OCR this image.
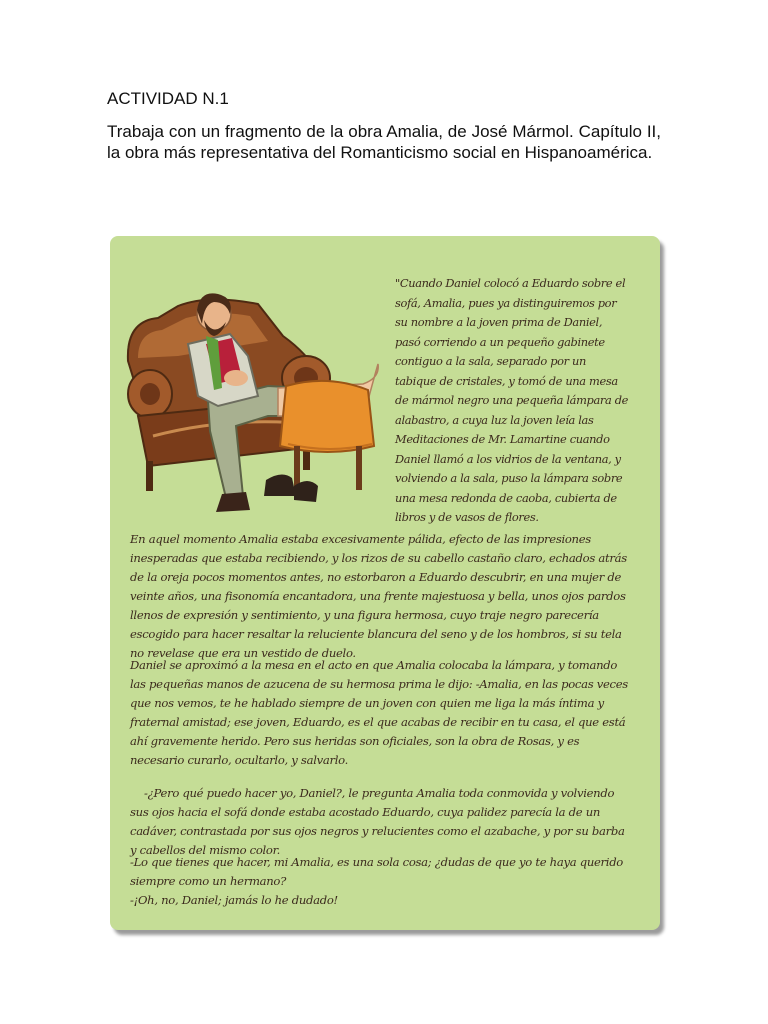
ACTIVIDAD N.1

Trabaja con un fragmento de la obra Amalia, de José Mármol. Capítulo II, la obra más representativa del Romanticismo social en Hispanoamérica.

"Cuando Daniel colocó a Eduardo sobre el sofá, Amalia, pues ya distinguiremos por su nombre a la joven prima de Daniel, pasó corriendo a un pequeño gabinete contiguo a la sala, separado por un tabique de cristales, y tomó de una mesa de mármol negro una pequeña lámpara de alabastro, a cuya luz la joven leía las Meditaciones de Mr. Lamartine cuando Daniel llamó a los vidrios de la ventana, y volviendo a la sala, puso la lámpara sobre una mesa redonda de caoba, cubierta de libros y de vasos de flores.

En aquel momento Amalia estaba excesivamente pálida, efecto de las impresiones inesperadas que estaba recibiendo, y los rizos de su cabello castaño claro, echados atrás de la oreja pocos momentos antes, no estorbaron a Eduardo descubrir, en una mujer de veinte años, una fisonomía encantadora, una frente majestuosa y bella, unos ojos pardos llenos de expresión y sentimiento, y una figura hermosa, cuyo traje negro parecería escogido para hacer resaltar la reluciente blancura del seno y de los hombros, si su tela no revelase que era un vestido de duelo.

Daniel se aproximó a la mesa en el acto en que Amalia colocaba la lámpara, y tomando las pequeñas manos de azucena de su hermosa prima le dijo: -Amalia, en las pocas veces que nos vemos, te he hablado siempre de un joven con quien me liga la más íntima y fraternal amistad; ese joven, Eduardo, es el que acabas de recibir en tu casa, el que está ahí gravemente herido. Pero sus heridas son oficiales, son la obra de Rosas, y es necesario curarlo, ocultarlo, y salvarlo.

-¿Pero qué puedo hacer yo, Daniel?, le pregunta Amalia toda conmovida y volviendo sus ojos hacia el sofá donde estaba acostado Eduardo, cuya palidez parecía la de un cadáver, contrastada por sus ojos negros y relucientes como el azabache, y por su barba y cabellos del mismo color.

-Lo que tienes que hacer, mi Amalia, es una sola cosa; ¿dudas de que yo te haya querido siempre como un hermano?
-¡Oh, no, Daniel; jamás lo he dudado!
